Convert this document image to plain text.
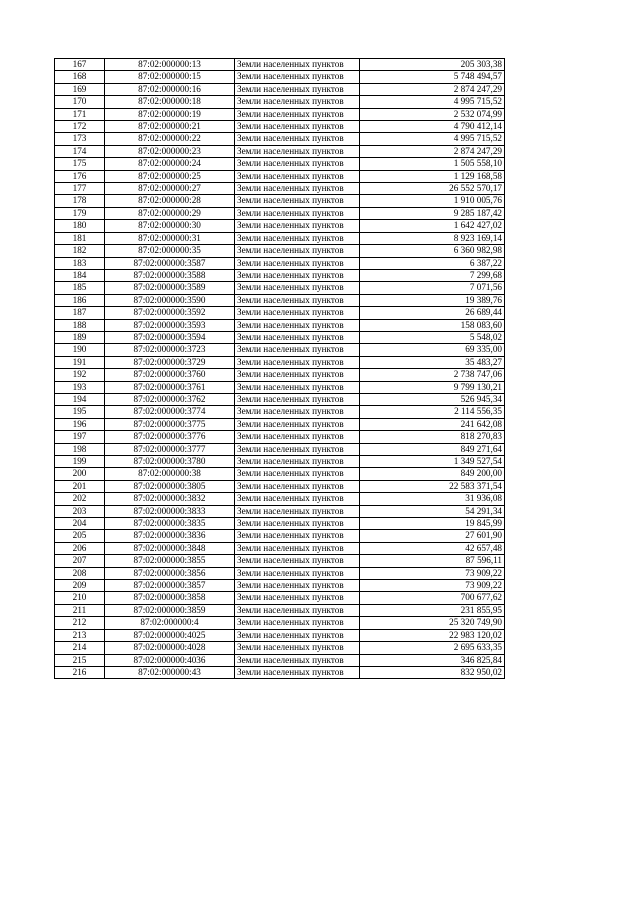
167	87:02:000000:13	Земли населенных пунктов	205 303,38
168	87:02:000000:15	Земли населенных пунктов	5 748 494,57
169	87:02:000000:16	Земли населенных пунктов	2 874 247,29
170	87:02:000000:18	Земли населенных пунктов	4 995 715,52
171	87:02:000000:19	Земли населенных пунктов	2 532 074,99
172	87:02:000000:21	Земли населенных пунктов	4 790 412,14
173	87:02:000000:22	Земли населенных пунктов	4 995 715,52
174	87:02:000000:23	Земли населенных пунктов	2 874 247,29
175	87:02:000000:24	Земли населенных пунктов	1 505 558,10
176	87:02:000000:25	Земли населенных пунктов	1 129 168,58
177	87:02:000000:27	Земли населенных пунктов	26 552 570,17
178	87:02:000000:28	Земли населенных пунктов	1 910 005,76
179	87:02:000000:29	Земли населенных пунктов	9 285 187,42
180	87:02:000000:30	Земли населенных пунктов	1 642 427,02
181	87:02:000000:31	Земли населенных пунктов	8 923 169,14
182	87:02:000000:35	Земли населенных пунктов	6 360 982,98
183	87:02:000000:3587	Земли населенных пунктов	6 387,22
184	87:02:000000:3588	Земли населенных пунктов	7 299,68
185	87:02:000000:3589	Земли населенных пунктов	7 071,56
186	87:02:000000:3590	Земли населенных пунктов	19 389,76
187	87:02:000000:3592	Земли населенных пунктов	26 689,44
188	87:02:000000:3593	Земли населенных пунктов	158 083,60
189	87:02:000000:3594	Земли населенных пунктов	5 548,02
190	87:02:000000:3723	Земли населенных пунктов	69 335,00
191	87:02:000000:3729	Земли населенных пунктов	35 483,27
192	87:02:000000:3760	Земли населенных пунктов	2 738 747,06
193	87:02:000000:3761	Земли населенных пунктов	9 799 130,21
194	87:02:000000:3762	Земли населенных пунктов	526 945,34
195	87:02:000000:3774	Земли населенных пунктов	2 114 556,35
196	87:02:000000:3775	Земли населенных пунктов	241 642,08
197	87:02:000000:3776	Земли населенных пунктов	818 270,83
198	87:02:000000:3777	Земли населенных пунктов	849 271,64
199	87:02:000000:3780	Земли населенных пунктов	1 349 527,54
200	87:02:000000:38	Земли населенных пунктов	849 200,00
201	87:02:000000:3805	Земли населенных пунктов	22 583 371,54
202	87:02:000000:3832	Земли населенных пунктов	31 936,08
203	87:02:000000:3833	Земли населенных пунктов	54 291,34
204	87:02:000000:3835	Земли населенных пунктов	19 845,99
205	87:02:000000:3836	Земли населенных пунктов	27 601,90
206	87:02:000000:3848	Земли населенных пунктов	42 657,48
207	87:02:000000:3855	Земли населенных пунктов	87 596,11
208	87:02:000000:3856	Земли населенных пунктов	73 909,22
209	87:02:000000:3857	Земли населенных пунктов	73 909,22
210	87:02:000000:3858	Земли населенных пунктов	700 677,62
211	87:02:000000:3859	Земли населенных пунктов	231 855,95
212	87:02:000000:4	Земли населенных пунктов	25 320 749,90
213	87:02:000000:4025	Земли населенных пунктов	22 983 120,02
214	87:02:000000:4028	Земли населенных пунктов	2 695 633,35
215	87:02:000000:4036	Земли населенных пунктов	346 825,84
216	87:02:000000:43	Земли населенных пунктов	832 950,02
